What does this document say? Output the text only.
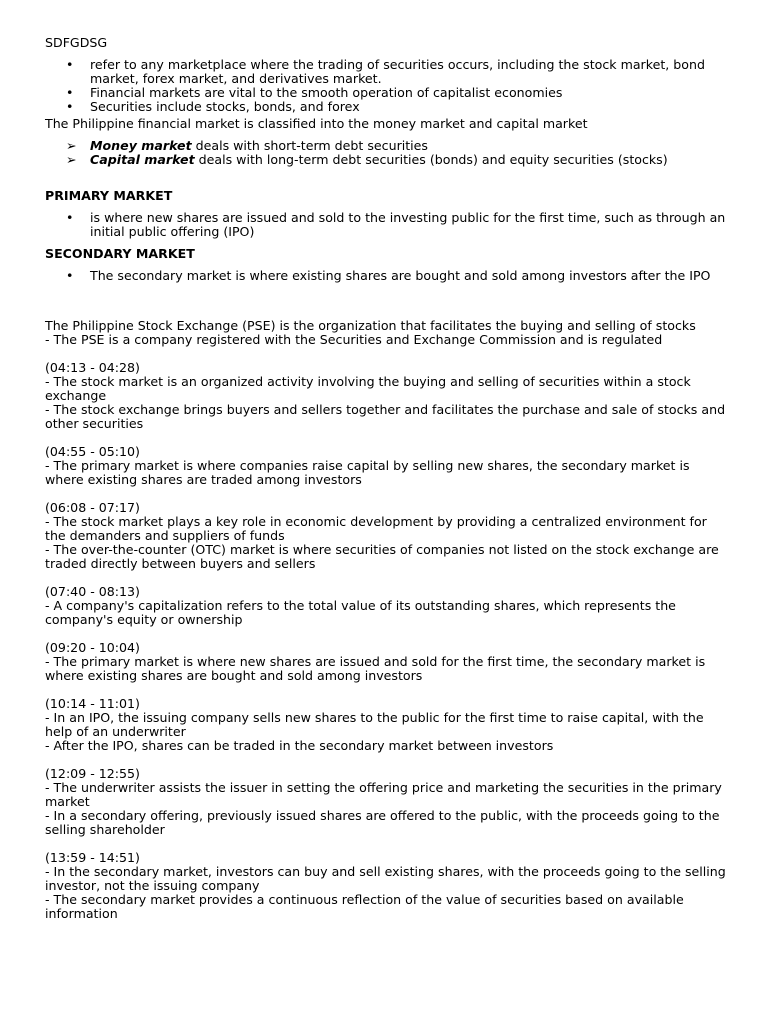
SDFGDSG

•	refer to any marketplace where the trading of securities occurs, including the stock market, bond market, forex market, and derivatives market.
•	Financial markets are vital to the smooth operation of capitalist economies
•	Securities include stocks, bonds, and forex

The Philippine financial market is classified into the money market and capital market

➢ Money market deals with short-term debt securities
➢ Capital market deals with long-term debt securities (bonds) and equity securities (stocks)

PRIMARY MARKET

•	is where new shares are issued and sold to the investing public for the first time, such as through an initial public offering (IPO)

SECONDARY MARKET

•	The secondary market is where existing shares are bought and sold among investors after the IPO
The Philippine Stock Exchange (PSE) is the organization that facilitates the buying and selling of stocks
- The PSE is a company registered with the Securities and Exchange Commission and is regulated
(04:13 - 04:28)
- The stock market is an organized activity involving the buying and selling of securities within a stock exchange
- The stock exchange brings buyers and sellers together and facilitates the purchase and sale of stocks and other securities
(04:55 - 05:10)
- The primary market is where companies raise capital by selling new shares, the secondary market is where existing shares are traded among investors
(06:08 - 07:17)
- The stock market plays a key role in economic development by providing a centralized environment for the demanders and suppliers of funds
- The over-the-counter (OTC) market is where securities of companies not listed on the stock exchange are traded directly between buyers and sellers
(07:40 - 08:13)
- A company's capitalization refers to the total value of its outstanding shares, which represents the company's equity or ownership
(09:20 - 10:04)
- The primary market is where new shares are issued and sold for the first time, the secondary market is where existing shares are bought and sold among investors
(10:14 - 11:01)
- In an IPO, the issuing company sells new shares to the public for the first time to raise capital, with the help of an underwriter
- After the IPO, shares can be traded in the secondary market between investors
(12:09 - 12:55)
- The underwriter assists the issuer in setting the offering price and marketing the securities in the primary market
- In a secondary offering, previously issued shares are offered to the public, with the proceeds going to the selling shareholder
(13:59 - 14:51)
- In the secondary market, investors can buy and sell existing shares, with the proceeds going to the selling investor, not the issuing company
- The secondary market provides a continuous reflection of the value of securities based on available information
